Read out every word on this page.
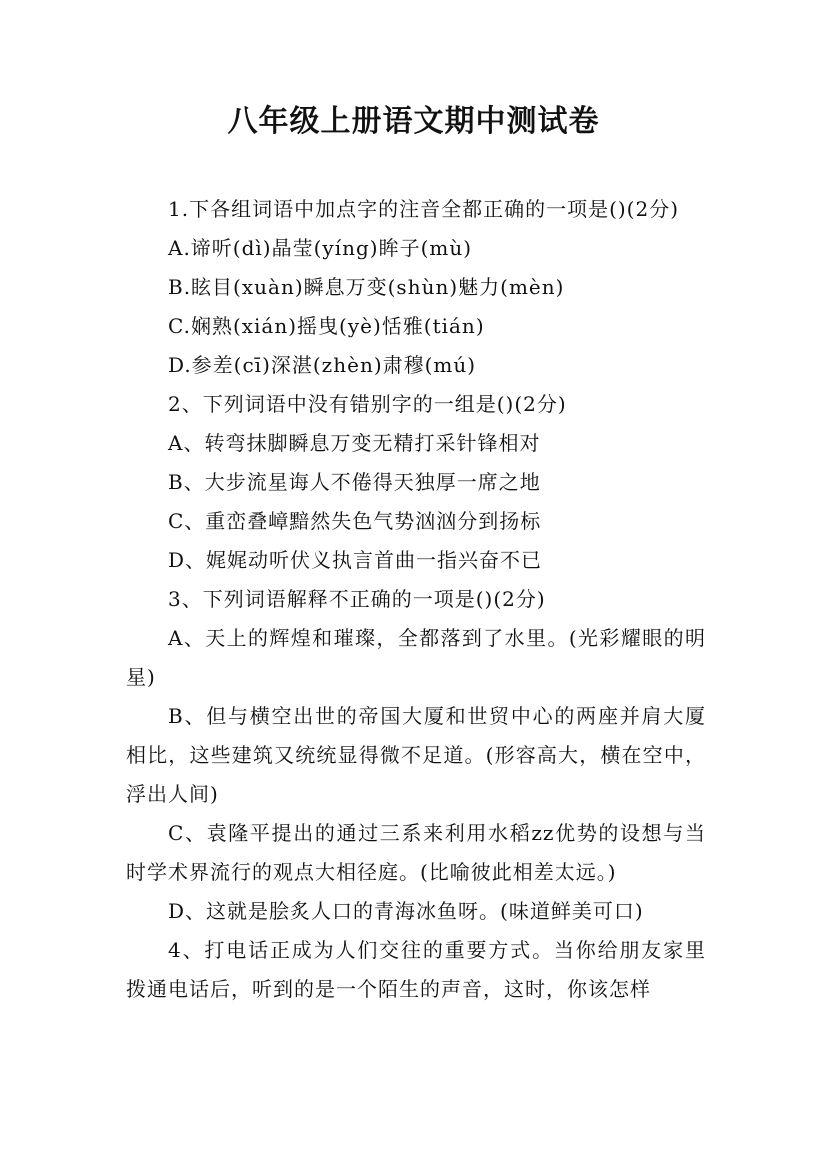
八年级上册语文期中测试卷

1.下各组词语中加点字的注音全都正确的一项是()(2分)

A.谛听(dì)晶莹(yíng)眸子(mù)

B.眩目(xuàn)瞬息万变(shùn)魅力(mèn)

C.娴熟(xián)摇曳(yè)恬雅(tián)

D.参差(cī)深湛(zhèn)肃穆(mú)

2、下列词语中没有错别字的一组是()(2分)

A、转弯抹脚瞬息万变无精打采针锋相对

B、大步流星诲人不倦得天独厚一席之地

C、重峦叠嶂黯然失色气势汹汹分到扬标

D、娓娓动听伏义执言首曲一指兴奋不已

3、下列词语解释不正确的一项是()(2分)

A、天上的辉煌和璀璨，全都落到了水里。(光彩耀眼的明星)

B、但与横空出世的帝国大厦和世贸中心的两座并肩大厦相比，这些建筑又统统显得微不足道。(形容高大，横在空中，浮出人间)

C、袁隆平提出的通过三系来利用水稻zz优势的设想与当时学术界流行的观点大相径庭。(比喻彼此相差太远。)

D、这就是脍炙人口的青海冰鱼呀。(味道鲜美可口)

4、打电话正成为人们交往的重要方式。当你给朋友家里拨通电话后，听到的是一个陌生的声音，这时，你该怎样
